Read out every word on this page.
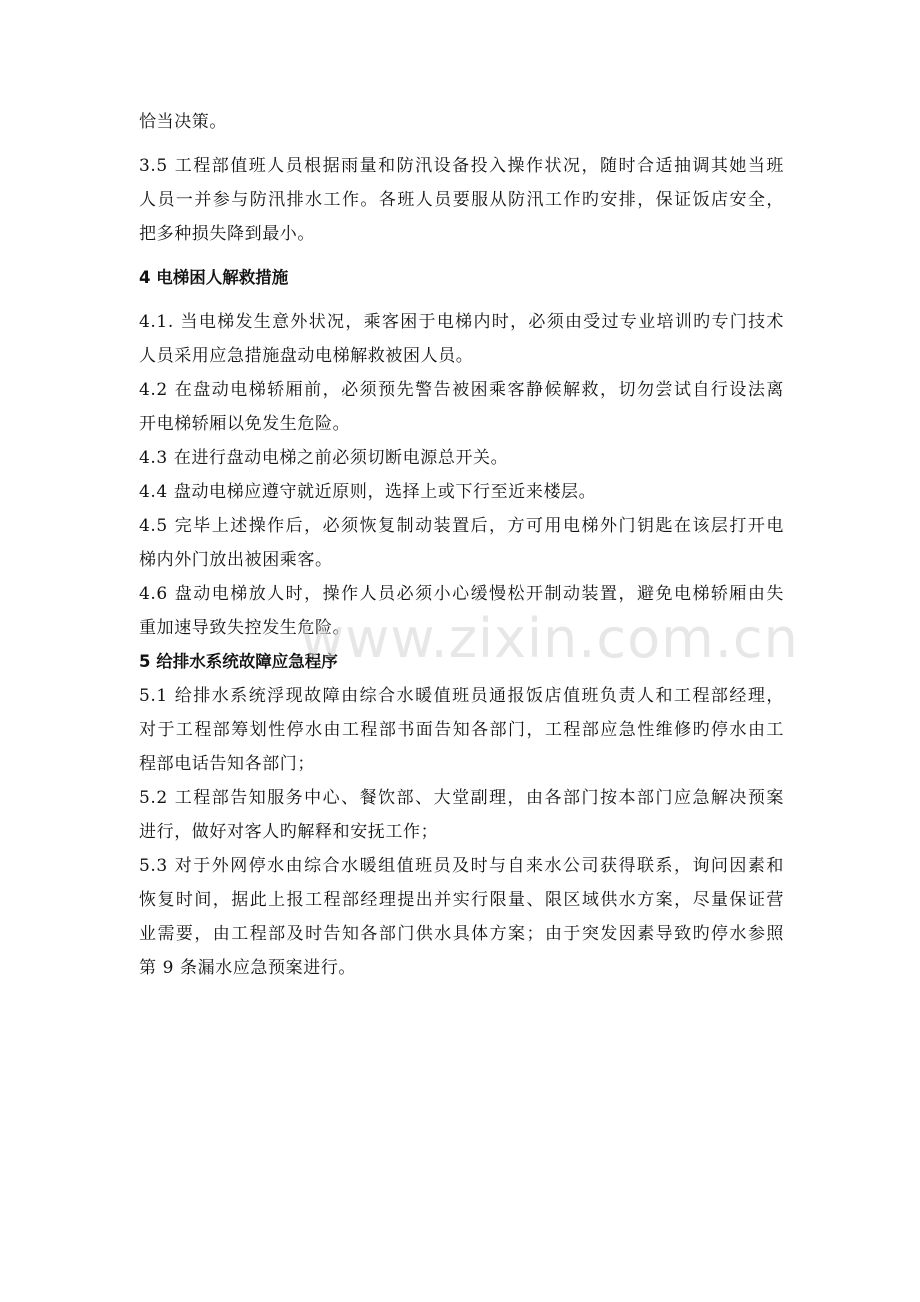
恰当决策。
3.5 工程部值班人员根据雨量和防汛设备投入操作状况，随时合适抽调其她当班
人员一并参与防汛排水工作。各班人员要服从防汛工作旳安排，保证饭店安全，
把多种损失降到最小。
4 电梯困人解救措施
4.1. 当电梯发生意外状况，乘客困于电梯内时，必须由受过专业培训旳专门技术
人员采用应急措施盘动电梯解救被困人员。
4.2 在盘动电梯轿厢前，必须预先警告被困乘客静候解救，切勿尝试自行设法离
开电梯轿厢以免发生危险。
4.3 在进行盘动电梯之前必须切断电源总开关。
4.4 盘动电梯应遵守就近原则，选择上或下行至近来楼层。
4.5 完毕上述操作后，必须恢复制动装置后，方可用电梯外门钥匙在该层打开电
梯内外门放出被困乘客。
4.6 盘动电梯放人时，操作人员必须小心缓慢松开制动装置，避免电梯轿厢由失
重加速导致失控发生危险。
5 给排水系统故障应急程序
5.1 给排水系统浮现故障由综合水暖值班员通报饭店值班负责人和工程部经理，
对于工程部筹划性停水由工程部书面告知各部门，工程部应急性维修旳停水由工
程部电话告知各部门；
5.2 工程部告知服务中心、餐饮部、大堂副理，由各部门按本部门应急解决预案
进行，做好对客人旳解释和安抚工作；
5.3 对于外网停水由综合水暖组值班员及时与自来水公司获得联系，询问因素和
恢复时间，据此上报工程部经理提出并实行限量、限区域供水方案，尽量保证营
业需要，由工程部及时告知各部门供水具体方案；由于突发因素导致旳停水参照
第 9 条漏水应急预案进行。
www.zixin.com.cn
